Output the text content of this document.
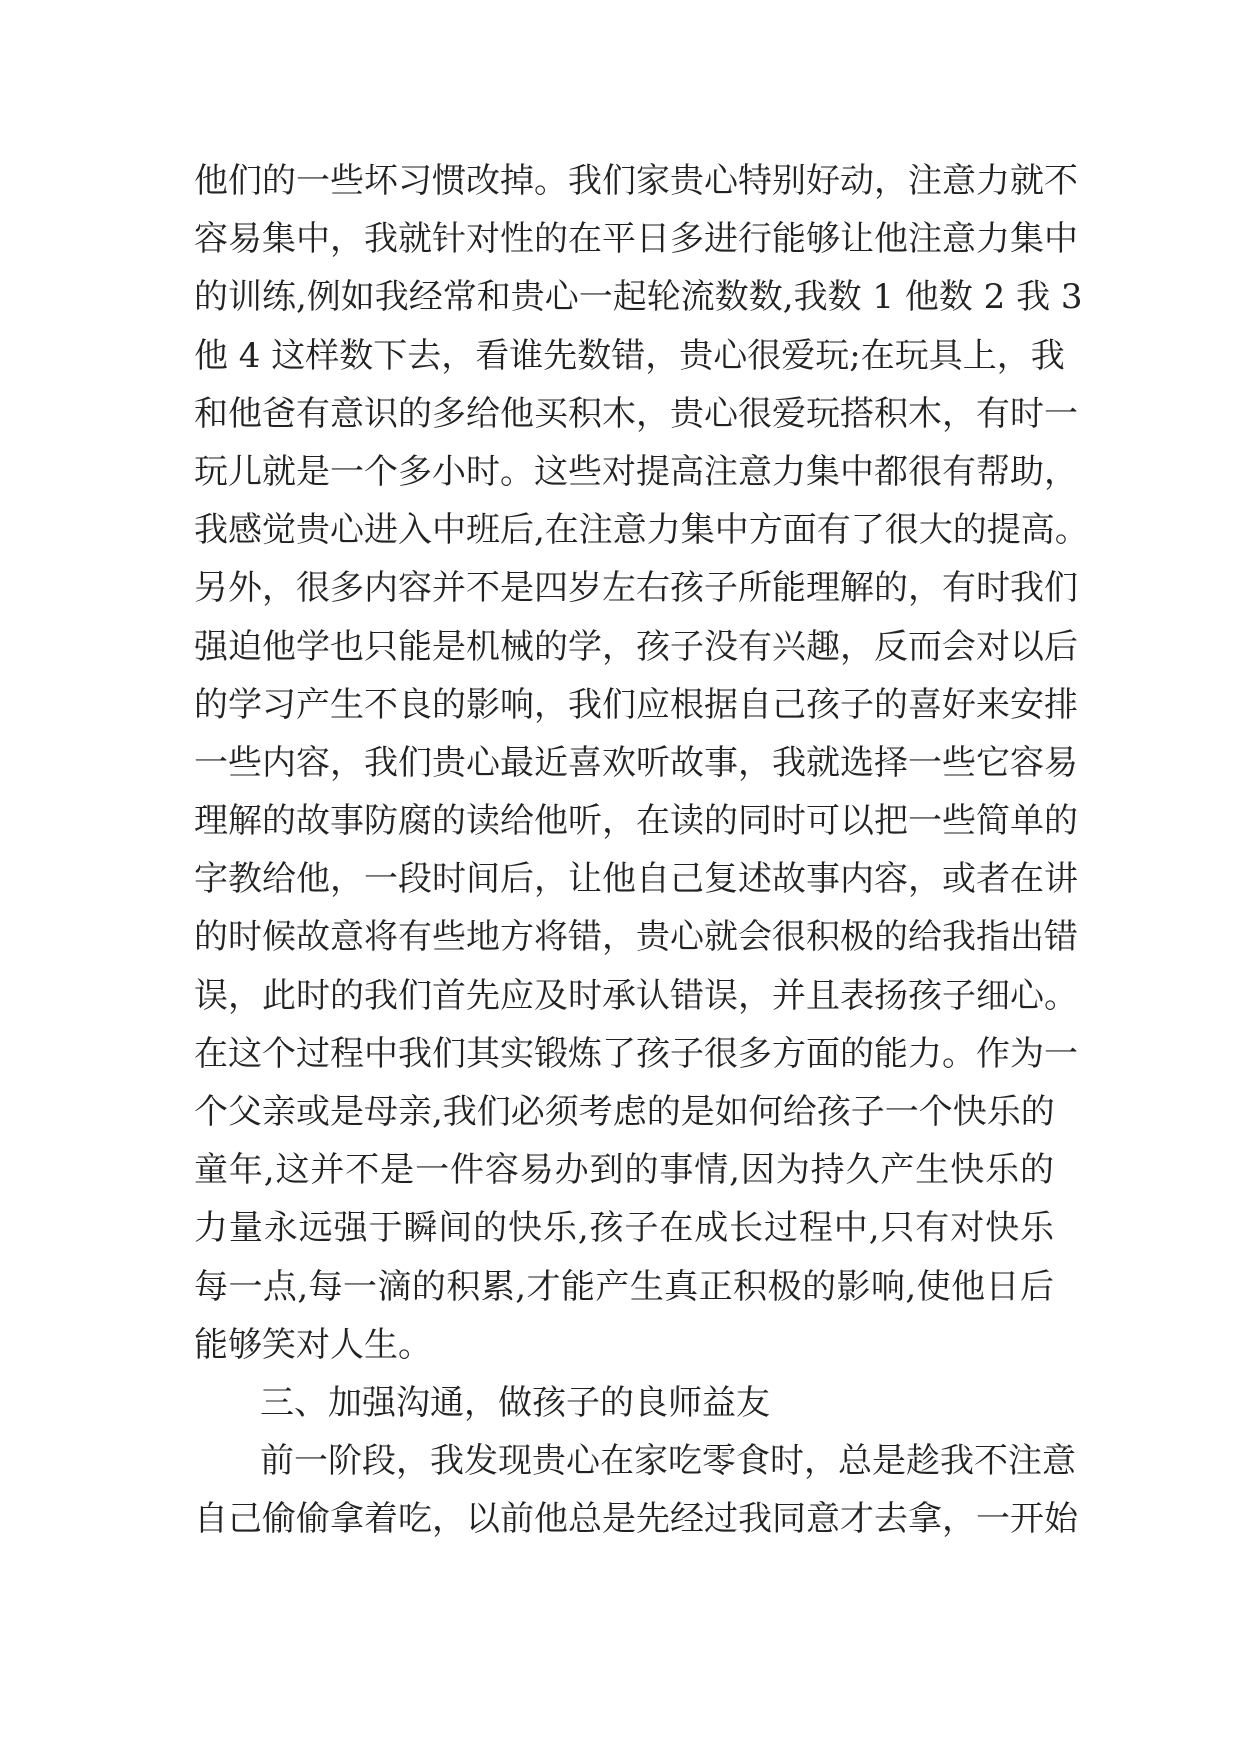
他们的一些坏习惯改掉。我们家贵心特别好动，注意力就不
容易集中，我就针对性的在平日多进行能够让他注意力集中
的训练,例如我经常和贵心一起轮流数数,我数 1 他数 2 我 3
他 4 这样数下去，看谁先数错，贵心很爱玩;在玩具上，我
和他爸有意识的多给他买积木，贵心很爱玩搭积木，有时一
玩儿就是一个多小时。这些对提高注意力集中都很有帮助，
我感觉贵心进入中班后,在注意力集中方面有了很大的提高。
另外，很多内容并不是四岁左右孩子所能理解的，有时我们
强迫他学也只能是机械的学，孩子没有兴趣，反而会对以后
的学习产生不良的影响，我们应根据自己孩子的喜好来安排
一些内容，我们贵心最近喜欢听故事，我就选择一些它容易
理解的故事防腐的读给他听，在读的同时可以把一些简单的
字教给他，一段时间后，让他自己复述故事内容，或者在讲
的时候故意将有些地方将错，贵心就会很积极的给我指出错
误，此时的我们首先应及时承认错误，并且表扬孩子细心。
在这个过程中我们其实锻炼了孩子很多方面的能力。作为一
个父亲或是母亲,我们必须考虑的是如何给孩子一个快乐的
童年,这并不是一件容易办到的事情,因为持久产生快乐的
力量永远强于瞬间的快乐,孩子在成长过程中,只有对快乐
每一点,每一滴的积累,才能产生真正积极的影响,使他日后
能够笑对人生。
三、加强沟通，做孩子的良师益友
前一阶段，我发现贵心在家吃零食时，总是趁我不注意
自己偷偷拿着吃，以前他总是先经过我同意才去拿，一开始
